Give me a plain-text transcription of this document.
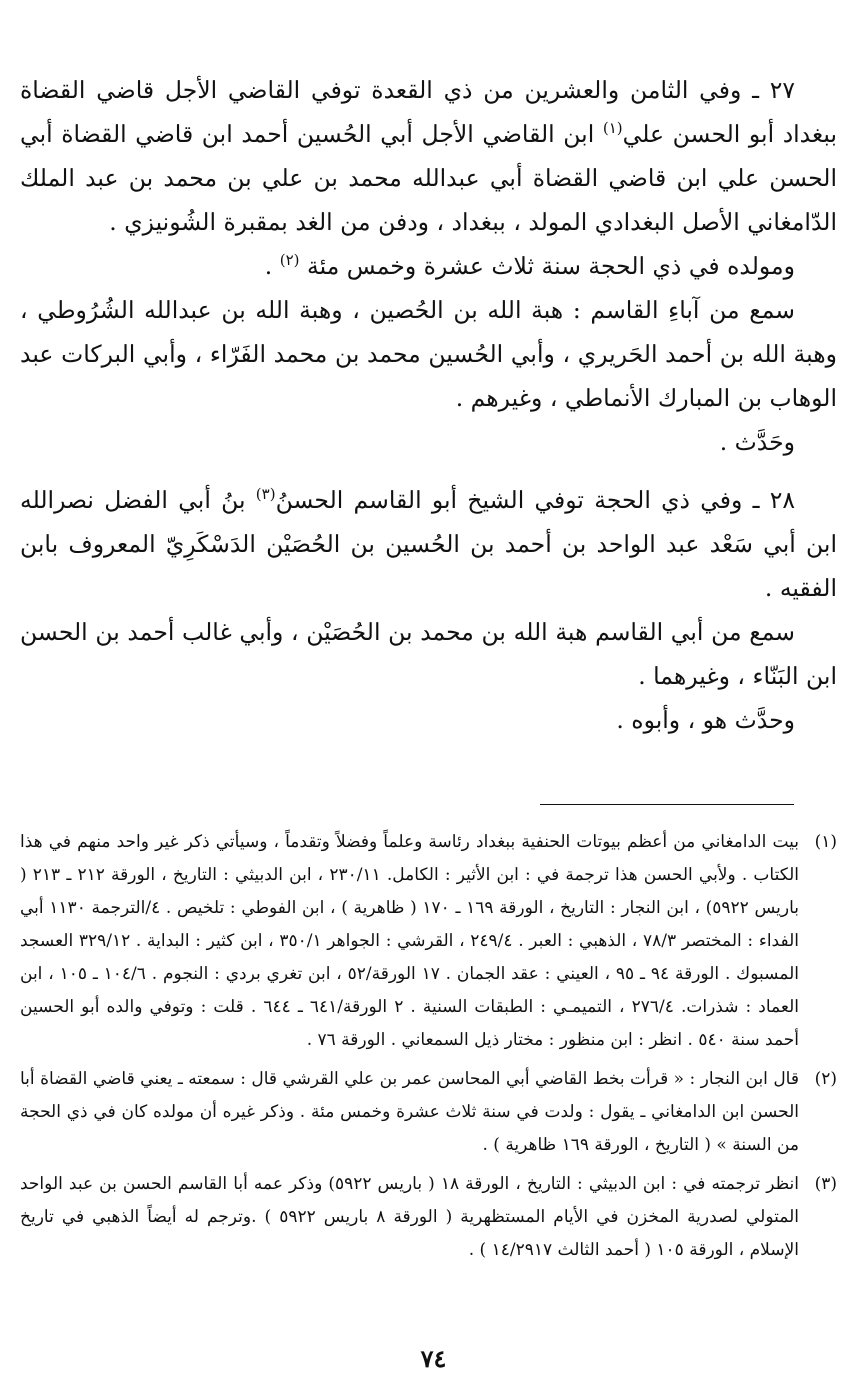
٢٧ ـ وفي الثامن والعشرين من ذي القعدة توفي القاضي الأجل قاضي القضاة ببغداد أبو الحسن علي$^{(١)}$ ابن القاضي الأجل أبي الحُسين أحمد ابن قاضي القضاة أبي الحسن علي ابن قاضي القضاة أبي عبدالله محمد بن علي بن محمد بن عبد الملك الدّامغاني الأصل البغدادي المولد ، ببغداد ، ودفن من الغد بمقبرة الشُونيزي .

ومولده في ذي الحجة سنة ثلاث عشرة وخمس مئة $^{(٢)}$ .

سمع من آباءِ القاسم : هبة الله بن الحُصين ، وهبة الله بن عبدالله الشُرُوطي ، وهبة الله بن أحمد الحَريري ، وأبي الحُسين محمد بن محمد الفَرّاء ، وأبي البركات عبد الوهاب بن المبارك الأنماطي ، وغيرهم .

وحَدَّث .

٢٨ ـ وفي ذي الحجة توفي الشيخ أبو القاسم الحسنُ$^{(٣)}$ بنُ أبي الفضل نصرالله ابن أبي سَعْد عبد الواحد بن أحمد بن الحُسين بن الحُصَيْن الدَسْكَرِيّ المعروف بابن الفقيه .

سمع من أبي القاسم هبة الله بن محمد بن الحُصَيْن ، وأبي غالب أحمد بن الحسن ابن البَنّاء ، وغيرهما .

وحدَّث هو ، وأبوه .

(١)
بيت الدامغاني من أعظم بيوتات الحنفية ببغداد رئاسة وعلماً وفضلاً وتقدماً ، وسيأتي ذكر غير واحد منهم في هذا الكتاب . ولأبي الحسن هذا ترجمة في : ابن الأثير : الكامل. ٢٣٠/١١ ، ابن الدبيثي : التاريخ ، الورقة ٢١٢ ـ ٢١٣ ( باريس ٥٩٢٢) ، ابن النجار : التاريخ ، الورقة ١٦٩ ـ ١٧٠ ( ظاهرية ) ، ابن الفوطي : تلخيص . ٤/الترجمة ١١٣٠ أبي الفداء : المختصر ٧٨/٣ ، الذهبي : العبر . ٢٤٩/٤ ، القرشي : الجواهر ٣٥٠/١ ، ابن كثير : البداية . ٣٢٩/١٢ العسجد المسبوك . الورقة ٩٤ ـ ٩٥ ، العيني : عقد الجمان . ١٧ الورقة/٥٢ ، ابن تغري بردي : النجوم . ١٠٤/٦ ـ ١٠٥ ، ابن العماد : شذرات. ٢٧٦/٤ ، التميمـي : الطبقات السنية . ٢ الورقة/٦٤١ ـ ٦٤٤ . قلت : وتوفي والده أبو الحسين أحمد سنة ٥٤٠ . انظر : ابن منظور : مختار ذيل السمعاني . الورقة ٧٦ .

(٢)
قال ابن النجار : « قرأت بخط القاضي أبي المحاسن عمر بن علي القرشي قال : سمعته ـ يعني قاضي القضاة أبا الحسن ابن الدامغاني ـ يقول : ولدت في سنة ثلاث عشرة وخمس مئة . وذكر غيره أن مولده كان في ذي الحجة من السنة » ( التاريخ ، الورقة ١٦٩ ظاهرية ) .

(٣)
انظر ترجمته في : ابن الدبيثي : التاريخ ، الورقة ١٨ ( باريس ٥٩٢٢) وذكر عمه أبا القاسم الحسن بن عبد الواحد المتولي لصدرية المخزن في الأيام المستظهرية ( الورقة ٨ باريس ٥٩٢٢ ) .وترجم له أيضاً الذهبي في تاريخ الإسلام ، الورقة ١٠٥ ( أحمد الثالث ١٤/٢٩١٧ ) .

٧٤
